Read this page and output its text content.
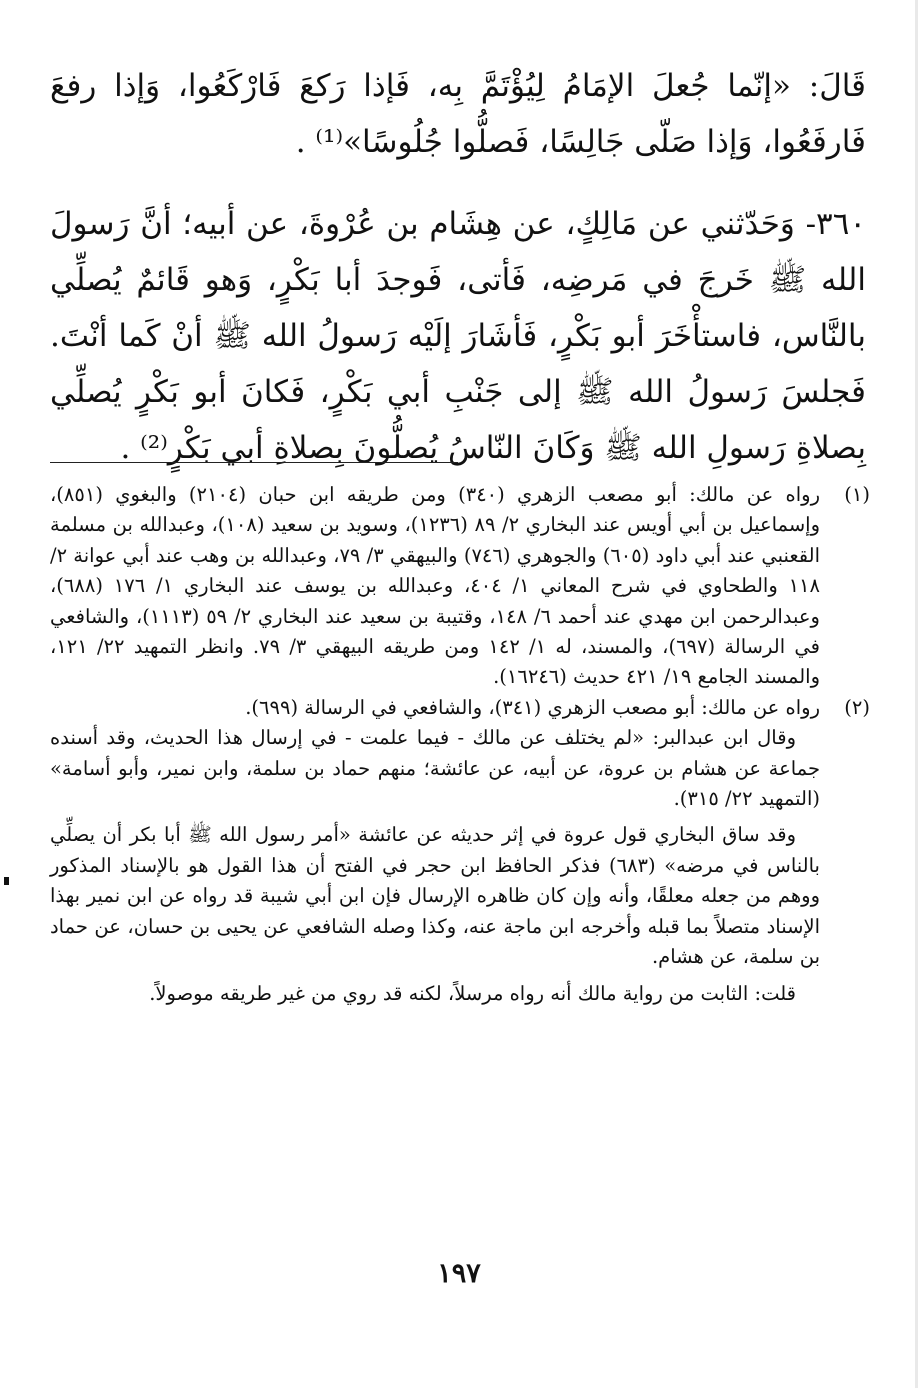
قَالَ: «إنّما جُعلَ الإمَامُ لِيُؤْتَمَّ بِه، فَإذا رَكعَ فَارْكَعُوا، وَإذا رفعَ فَارفَعُوا، وَإذا صَلّى جَالِسًا، فَصلُّوا جُلُوسًا»⁽¹⁾ .
٣٦٠- وَحَدّثني عن مَالِكٍ، عن هِشَام بن عُرْوةَ، عن أبيه؛ أنَّ رَسولَ الله ﷺ خَرجَ في مَرضِه، فَأتى، فَوجدَ أبا بَكْرٍ، وَهو قَائمٌ يُصلِّي بالنَّاس، فاستأْخَرَ أبو بَكْرٍ، فَأشَارَ إلَيْه رَسولُ الله ﷺ أنْ كَما أنْتَ. فَجلسَ رَسولُ الله ﷺ إلى جَنْبِ أبي بَكْرٍ، فَكانَ أبو بَكْرٍ يُصلِّي بِصلاةِ رَسولِ الله ﷺ وَكَانَ النّاسُ يُصلُّونَ بِصلاةِ أبي بَكْرٍ⁽²⁾ .
(١)
رواه عن مالك: أبو مصعب الزهري (٣٤٠) ومن طريقه ابن حبان (٢١٠٤) والبغوي (٨٥١)، وإسماعيل بن أبي أويس عند البخاري ٢/ ٨٩ (١٢٣٦)، وسويد بن سعيد (١٠٨)، وعبدالله بن مسلمة القعنبي عند أبي داود (٦٠٥) والجوهري (٧٤٦) والبيهقي ٣/ ٧٩، وعبدالله بن وهب عند أبي عوانة ٢/ ١١٨ والطحاوي في شرح المعاني ١/ ٤٠٤، وعبدالله بن يوسف عند البخاري ١/ ١٧٦ (٦٨٨)، وعبدالرحمن ابن مهدي عند أحمد ٦/ ١٤٨، وقتيبة بن سعيد عند البخاري ٢/ ٥٩ (١١١٣)، والشافعي في الرسالة (٦٩٧)، والمسند، له ١/ ١٤٢ ومن طريقه البيهقي ٣/ ٧٩. وانظر التمهيد ٢٢/ ١٢١، والمسند الجامع ١٩/ ٤٢١ حديث (١٦٢٤٦).
(٢)
رواه عن مالك: أبو مصعب الزهري (٣٤١)، والشافعي في الرسالة (٦٩٩).
وقال ابن عبدالبر: «لم يختلف عن مالك - فيما علمت - في إرسال هذا الحديث، وقد أسنده جماعة عن هشام بن عروة، عن أبيه، عن عائشة؛ منهم حماد بن سلمة، وابن نمير، وأبو أسامة» (التمهيد ٢٢/ ٣١٥).
وقد ساق البخاري قول عروة في إثر حديثه عن عائشة «أمر رسول الله ﷺ أبا بكر أن يصلِّي بالناس في مرضه» (٦٨٣) فذكر الحافظ ابن حجر في الفتح أن هذا القول هو بالإسناد المذكور ووهم من جعله معلقًا، وأنه وإن كان ظاهره الإرسال فإن ابن أبي شيبة قد رواه عن ابن نمير بهذا الإسناد متصلاً بما قبله وأخرجه ابن ماجة عنه، وكذا وصله الشافعي عن يحيى بن حسان، عن حماد بن سلمة، عن هشام.
قلت: الثابت من رواية مالك أنه رواه مرسلاً، لكنه قد روي من غير طريقه موصولاً.
١٩٧
